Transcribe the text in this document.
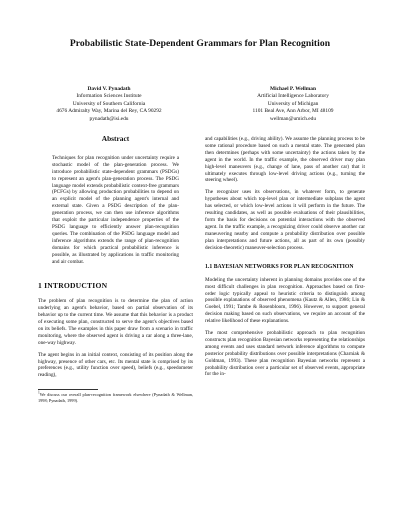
Probabilistic State-Dependent Grammars for Plan Recognition
David V. Pynadath
Information Sciences Institute
University of Southern California
4676 Admiralty Way, Marina del Rey, CA 90292
pynadath@isi.edu
Michael P. Wellman
Artificial Intelligence Laboratory
University of Michigan
1101 Beal Ave, Ann Arbor, MI 48109
wellman@umich.edu
Abstract

Techniques for plan recognition under uncertainty require a stochastic model of the plan-generation process. We introduce probabilistic state-dependent grammars (PSDGs) to represent an agent's plan-generation process. The PSDG language model extends probabilistic context-free grammars (PCFGs) by allowing production probabilities to depend on an explicit model of the planning agent's internal and external state. Given a PSDG description of the plan-generation process, we can then use inference algorithms that exploit the particular independence properties of the PSDG language to efficiently answer plan-recognition queries. The combination of the PSDG language model and inference algorithms extends the range of plan-recognition domains for which practical probabilistic inference is possible, as illustrated by applications in traffic monitoring and air combat.

1 INTRODUCTION

The problem of plan recognition is to determine the plan of action underlying an agent's behavior, based on partial observation of its behavior up to the current time. We assume that this behavior is a product of executing some plan, constructed to serve the agent's objectives based on its beliefs. The examples in this paper draw from a scenario in traffic monitoring, where the observed agent is driving a car along a three-lane, one-way highway.

The agent begins in an initial context, consisting of its position along the highway, presence of other cars, etc. Its mental state is comprised by its preferences (e.g., utility function over speed), beliefs (e.g., speedometer reading),

$^1$We discuss our overall plan-recognition framework elsewhere (Pynadath & Wellman, 1998; Pynadath, 1999).

and capabilities (e.g., driving ability). We assume the planning process to be some rational procedure based on such a mental state. The generated plan then determines (perhaps with some uncertainty) the actions taken by the agent in the world. In the traffic example, the observed driver may plan high-level maneuvers (e.g., change of lane, pass of another car) that it ultimately executes through low-level driving actions (e.g., turning the steering wheel).

The recognizer uses its observations, in whatever form, to generate hypotheses about which top-level plan or intermediate subplans the agent has selected, or which low-level actions it will perform in the future. The resulting candidates, as well as possible evaluations of their plausibilities, form the basis for decisions on potential interactions with the observed agent. In the traffic example, a recognizing driver could observe another car maneuvering nearby and compute a probability distribution over possible plan interpretations and future actions, all as part of its own (possibly decision-theoretic) maneuver-selection process.

1.1 BAYESIAN NETWORKS FOR PLAN RECOGNITION

Modeling the uncertainty inherent in planning domains provides one of the most difficult challenges in plan recognition. Approaches based on first-order logic typically appeal to heuristic criteria to distinguish among possible explanations of observed phenomena (Kautz & Allen, 1986; Lin & Goebel, 1991; Tambe & Rosenbloom, 1996). However, to support general decision making based on such observations, we require an account of the relative likelihood of these explanations.

The most comprehensive probabilistic approach to plan recognition constructs plan recognition Bayesian networks representing the relationships among events and uses standard network inference algorithms to compute posterior probability distributions over possible interpretations (Charniak & Goldman, 1993). These plan recognition Bayesian networks represent a probability distribution over a particular set of observed events, appropriate for the in-
